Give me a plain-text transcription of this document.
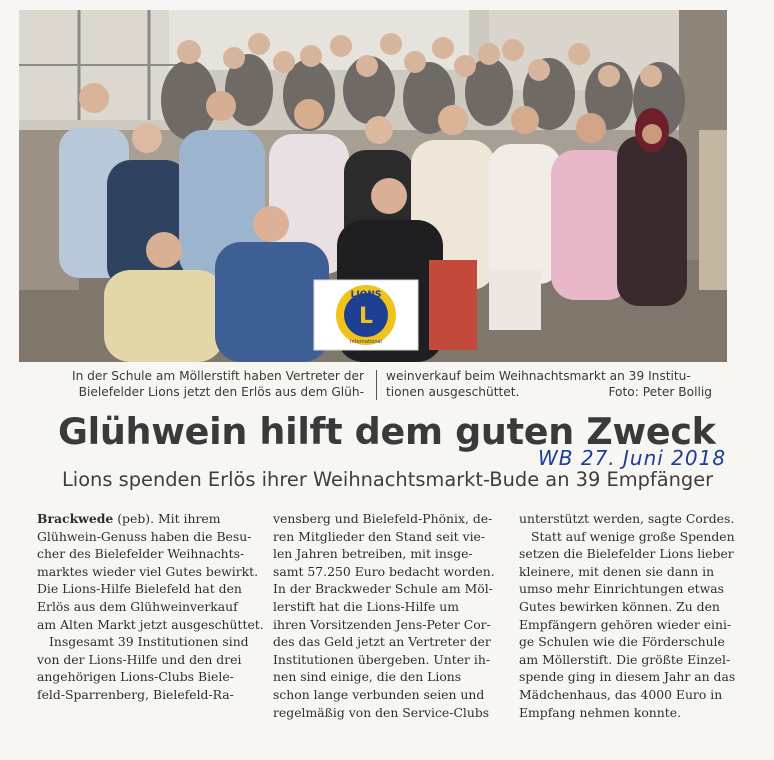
L
LIONS
International
In der Schule am Möllerstift haben Vertreter der
Bielefelder Lions jetzt den Erlös aus dem Glüh-
weinverkauf beim Weihnachtsmarkt an 39 Institu-
tionen ausgeschüttet.	Foto: Peter Bollig
Glühwein hilft dem guten Zweck
WB 27. Juni 2018
Lions spenden Erlös ihrer Weihnachtsmarkt-Bude an 39 Empfänger
Brackwede (peb). Mit ihrem
Glühwein-Genuss haben die Besu-
cher des Bielefelder Weihnachts-
marktes wieder viel Gutes bewirkt.
Die Lions-Hilfe Bielefeld hat den
Erlös aus dem Glühweinverkauf
am Alten Markt jetzt ausgeschüttet.
Insgesamt 39 Institutionen sind
von der Lions-Hilfe und den drei
angehörigen Lions-Clubs Biele-
feld-Sparrenberg, Bielefeld-Ra-
vensberg und Bielefeld-Phönix, de-
ren Mitglieder den Stand seit vie-
len Jahren betreiben, mit insge-
samt 57.250 Euro bedacht worden.
In der Brackweder Schule am Möl-
lerstift hat die Lions-Hilfe um
ihren Vorsitzenden Jens-Peter Cor-
des das Geld jetzt an Vertreter der
Institutionen übergeben. Unter ih-
nen sind einige, die den Lions
schon lange verbunden seien und
regelmäßig von den Service-Clubs
unterstützt werden, sagte Cordes.
Statt auf wenige große Spenden
setzen die Bielefelder Lions lieber
kleinere, mit denen sie dann in
umso mehr Einrichtungen etwas
Gutes bewirken können. Zu den
Empfängern gehören wieder eini-
ge Schulen wie die Förderschule
am Möllerstift. Die größte Einzel-
spende ging in diesem Jahr an das
Mädchenhaus, das 4000 Euro in
Empfang nehmen konnte.
